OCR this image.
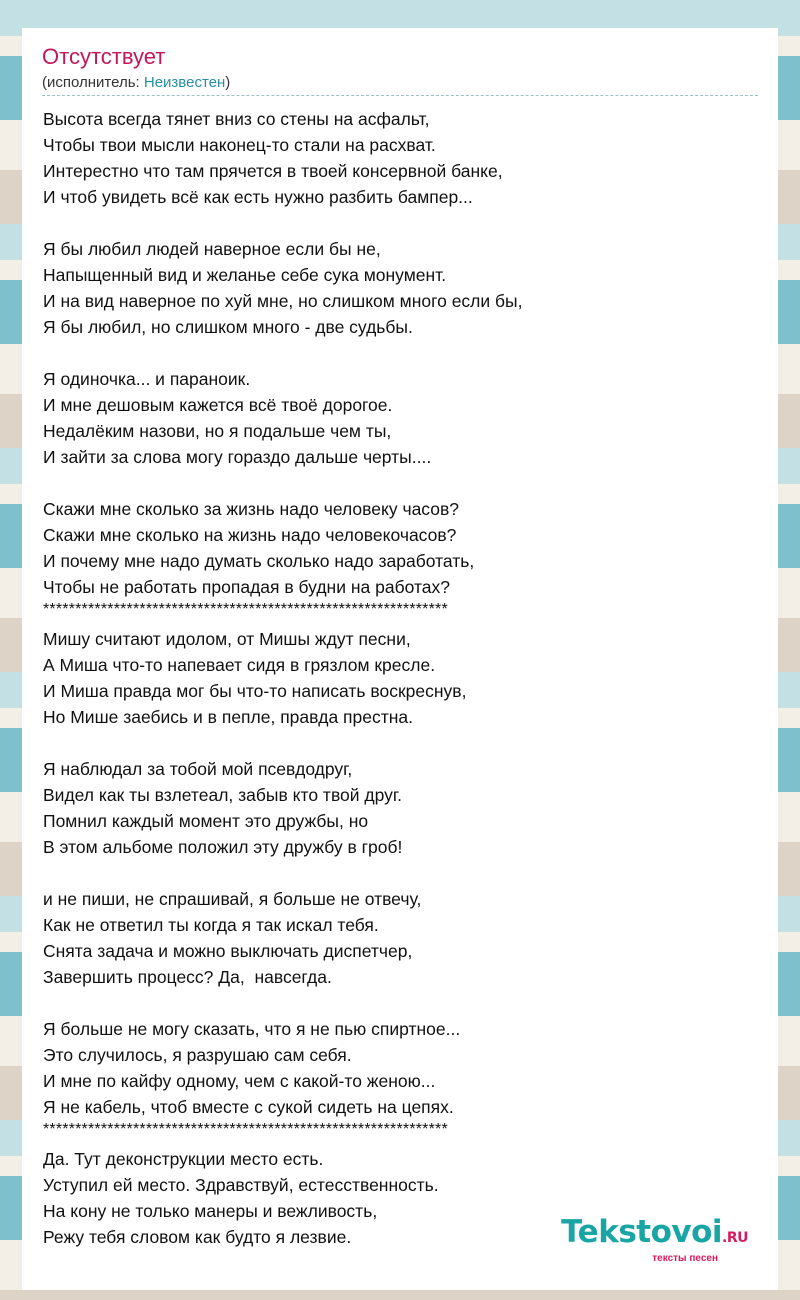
Отсутствует
(исполнитель: Неизвестен)
Высота всегда тянет вниз со стены на асфальт,
Чтобы твои мысли наконец-то стали на расхват.
Интерестно что там прячется в твоей консервной банке,
И чтоб увидеть всё как есть нужно разбить бампер...
Я бы любил людей наверное если бы не,
Напыщенный вид и желанье себе сука монумент.
И на вид наверное по хуй мне, но слишком много если бы,
Я бы любил, но слишком много - две судьбы.
Я одиночка... и параноик.
И мне дешовым кажется всё твоё дорогое.
Недалёким назови, но я подальше чем ты,
И зайти за слова могу гораздо дальше черты....
Скажи мне сколько за жизнь надо человеку часов?
Скажи мне сколько на жизнь надо человекочасов?
И почему мне надо думать сколько надо заработать,
Чтобы не работать пропадая в будни на работах?
***************************************************************
Мишу считают идолом, от Мишы ждут песни,
А Миша что-то напевает сидя в грязлом кресле.
И Миша правда мог бы что-то написать воскреснув,
Но Мише заебись и в пепле, правда престна.
Я наблюдал за тобой мой псевдодруг,
Видел как ты взлетеал, забыв кто твой друг.
Помнил каждый момент это дружбы, но
В этом альбоме положил эту дружбу в гроб!
и не пиши, не спрашивай, я больше не отвечу,
Как не ответил ты когда я так искал тебя.
Снята задача и можно выключать диспетчер,
Завершить процесс? Да,  навсегда.
Я больше не могу сказать, что я не пью спиртное...
Это случилось, я разрушаю сам себя.
И мне по кайфу одному, чем с какой-то женою...
Я не кабель, чтоб вместе с сукой сидеть на цепях.
***************************************************************
Да. Тут деконструкции место есть.
Уступил ей место. Здравствуй, естесственность.
На кону не только манеры и вежливость,
Режу тебя словом как будто я лезвие.	Tekstovoi.RU
тексты песен
